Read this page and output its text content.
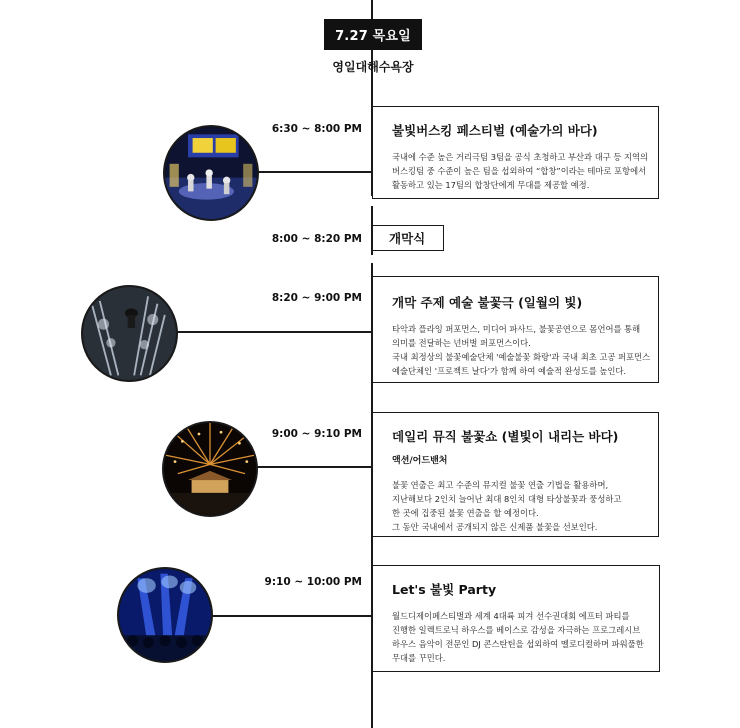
7.27 목요일
영일대해수욕장
6:30 ~ 8:00 PM 불빛버스킹 페스티벌 (예술가의 바다)

국내에 수준 높은 거리극팀 3팀을 공식 초청하고 부산과 대구 등 지역의

버스킹팀 중 수준이 높은 팀을 섭외하여 “합창”이라는 테마로 포항에서

활동하고 있는 17팀의 합창단에게 무대를 제공할 예정.

8:00 ~ 8:20 PM	개막식
8:20 ~ 9:00 PM 개막 주제 예술 불꽃극 (일월의 빛)

타악과 플라잉 퍼포먼스, 미디어 파사드, 불꽃공연으로 몸언어를 통해

의미를 전달하는 넌버벌 퍼포먼스이다.

국내 최정상의 불꽃예술단체 '예술불꽃 화랑'과 국내 최초 고공 퍼포먼스

예술단체인 '프로젝트 날다'가 함께 하여 예술적 완성도를 높인다.

9:00 ~ 9:10 PM 데일리 뮤직 불꽃쇼 (별빛이 내리는 바다)
액션/어드밴처

불꽃 연출은 최고 수준의 뮤지컬 불꽃 연출 기법을 활용하며,

지난해보다 2인치 늘어난 최대 8인치 대형 타상불꽃과 풍성하고

한 곳에 집중된 불꽃 연출을 할 예정이다.

그 동안 국내에서 공개되지 않은 신제품 불꽃을 선보인다.

9:10 ~ 10:00 PM Let's 불빛 Party

월드디제이페스티벌과 세계 4대륙 피겨 선수권대회 에프터 파티를

진행한 일렉트로닉 하우스를 베이스로 감성을 자극하는 프로그레시브

하우스 음악이 전문인 DJ 콘스탄틴을 섭외하여 멜로디컬하며 파워풀한

무대를 꾸민다.
